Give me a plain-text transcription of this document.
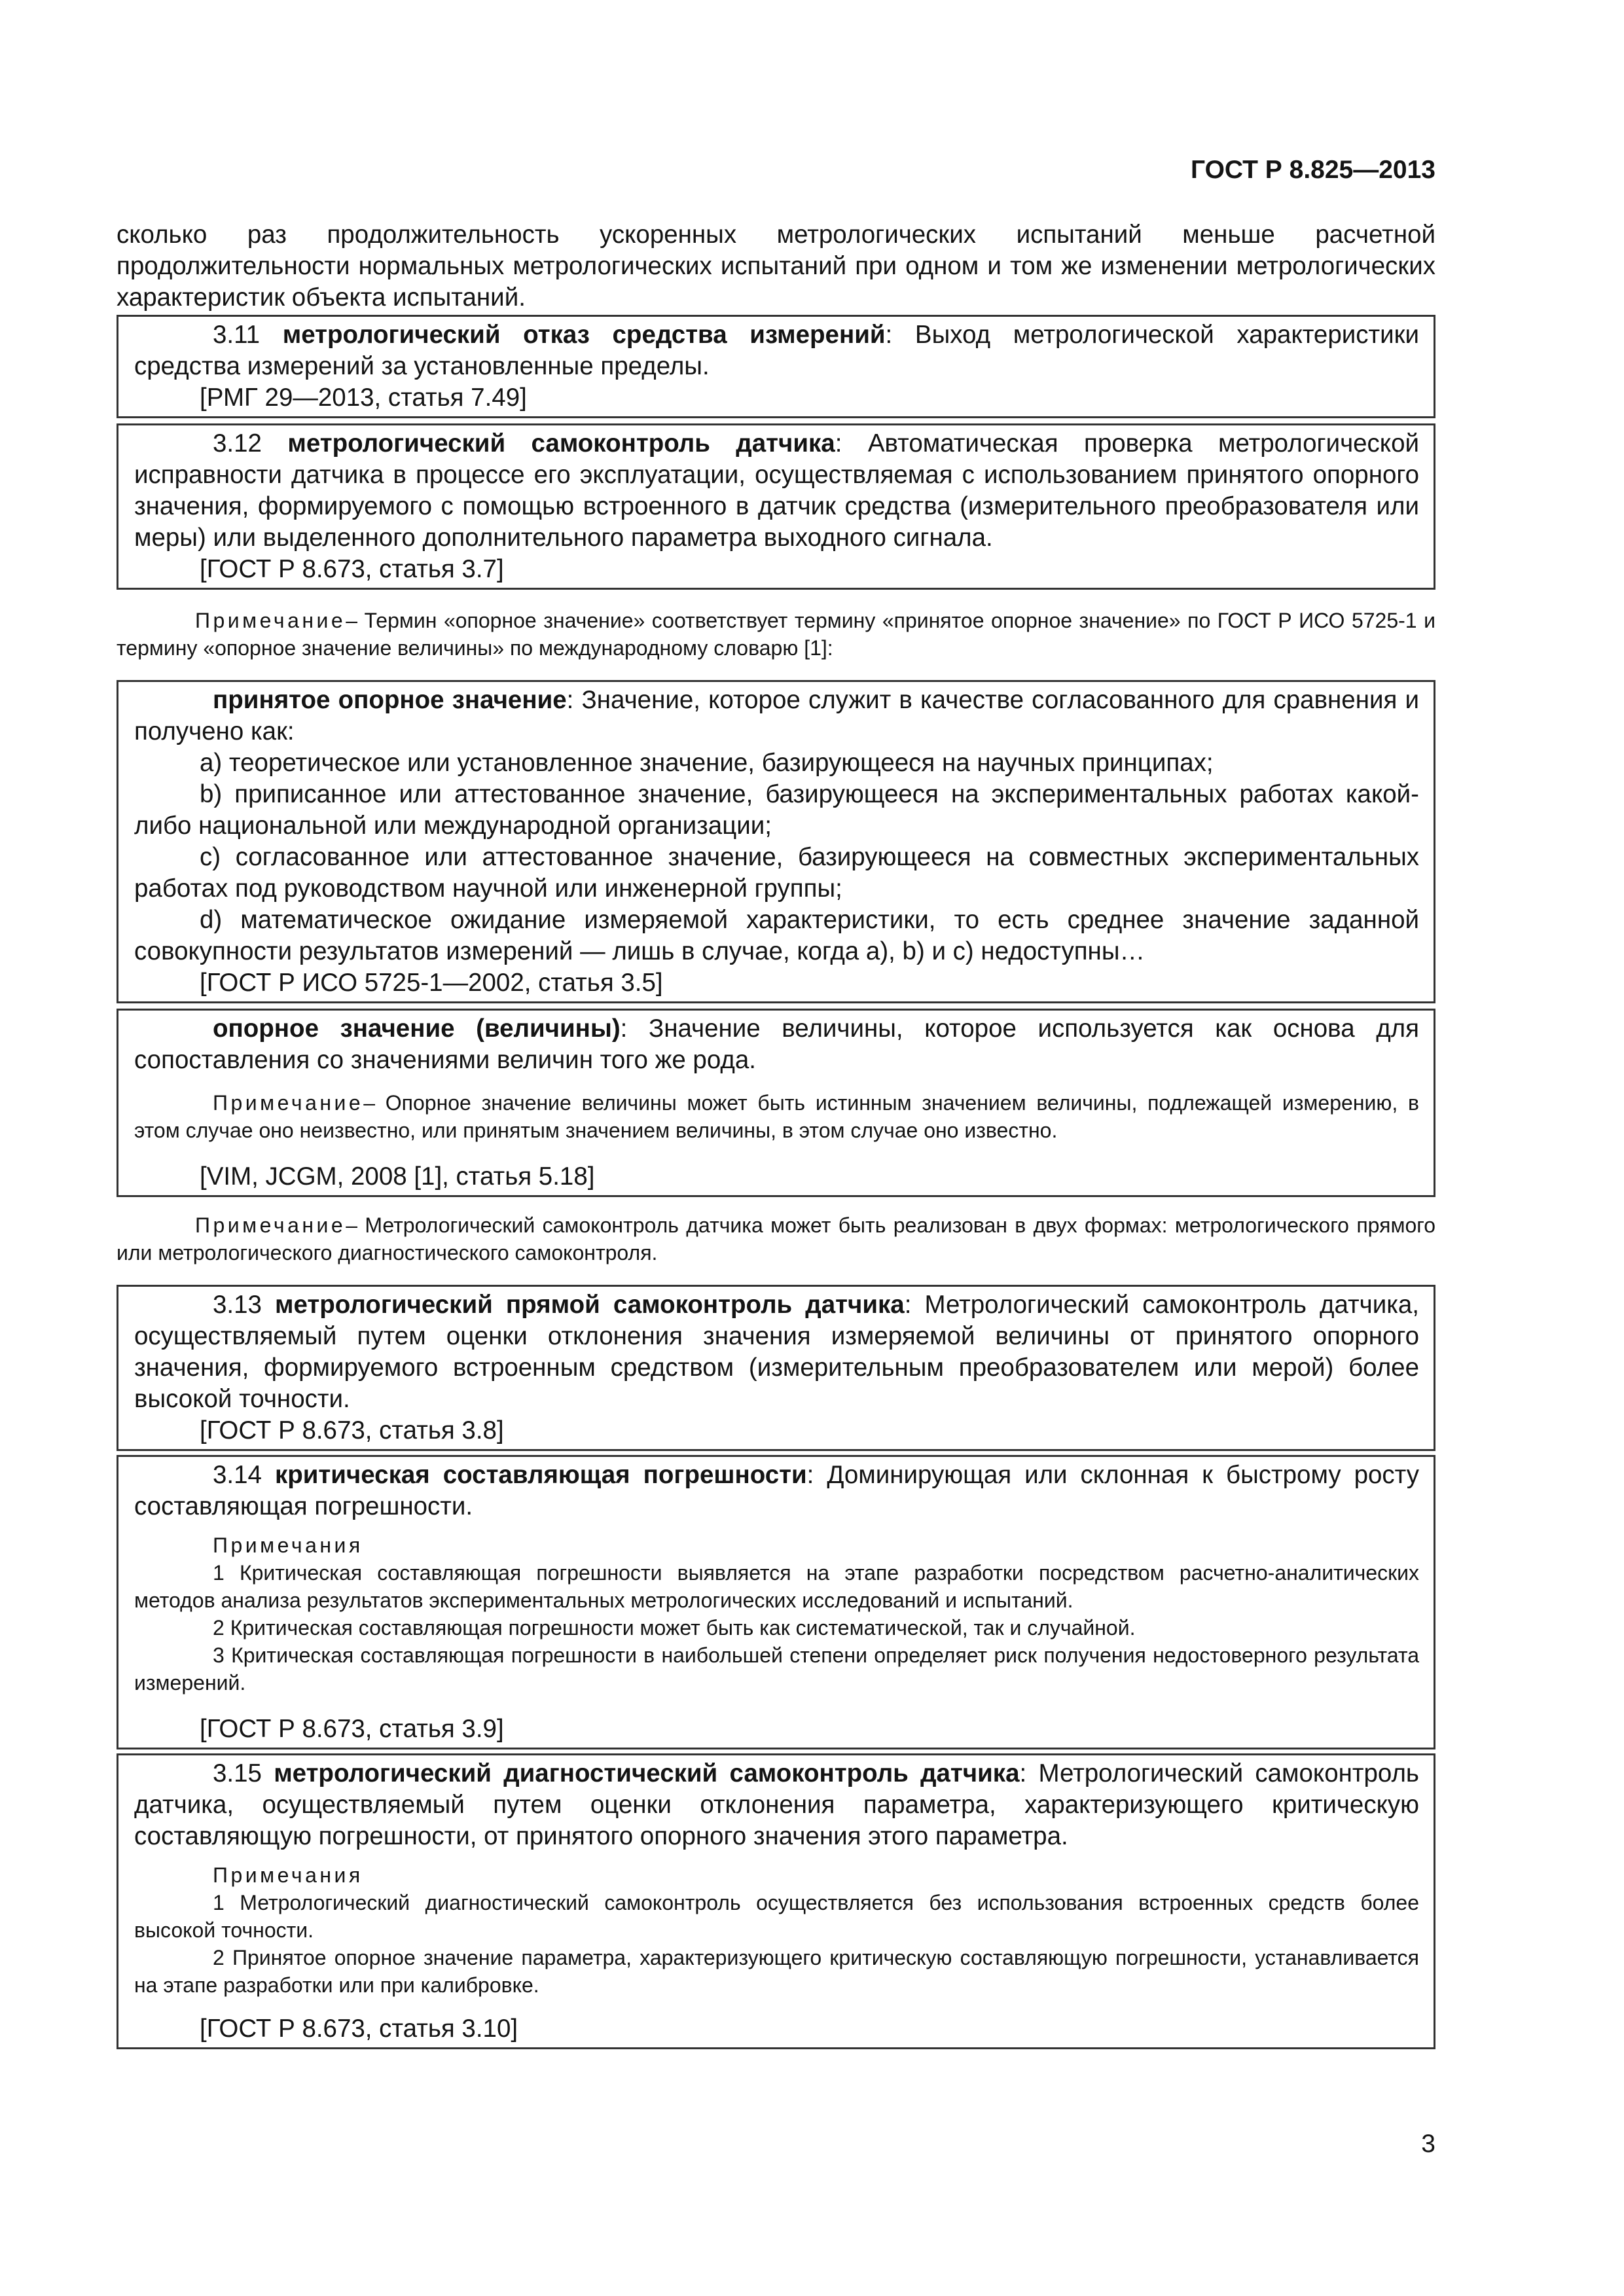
ГОСТ Р 8.825—2013

сколько раз продолжительность ускоренных метрологических испытаний меньше расчетной продолжительности нормальных метрологических испытаний при одном и том же изменении метрологических характеристик объекта испытаний.

3.11 метрологический отказ средства измерений: Выход метрологической характеристики средства измерений за установленные пределы.

[РМГ 29—2013, статья 7.49]

3.12 метрологический самоконтроль датчика: Автоматическая проверка метрологической исправности датчика в процессе его эксплуатации, осуществляемая с использованием принятого опорного значения, формируемого с помощью встроенного в датчик средства (измерительного преобразователя или меры) или выделенного дополнительного параметра выходного сигнала.

[ГОСТ Р 8.673, статья 3.7]

Примечание– Термин «опорное значение» соответствует термину «принятое опорное значение» по ГОСТ Р ИСО 5725-1 и термину «опорное значение величины» по международному словарю [1]:

принятое опорное значение: Значение, которое служит в качестве согласованного для сравнения и получено как:

а) теоретическое или установленное значение, базирующееся на научных принципах;

b) приписанное или аттестованное значение, базирующееся на экспериментальных работах какой-либо национальной или международной организации;

с) согласованное или аттестованное значение, базирующееся на совместных экспериментальных работах под руководством научной или инженерной группы;

d) математическое ожидание измеряемой характеристики, то есть среднее значение заданной совокупности результатов измерений — лишь в случае, когда а), b) и с) недоступны…

[ГОСТ Р ИСО 5725-1—2002, статья 3.5]

опорное значение (величины): Значение величины, которое используется как основа для сопоставления со значениями величин того же рода.

Примечание– Опорное значение величины может быть истинным значением величины, подлежащей измерению, в этом случае оно неизвестно, или принятым значением величины, в этом случае оно известно.

[VIM, JCGM, 2008 [1], статья 5.18]

Примечание– Метрологический самоконтроль датчика может быть реализован в двух формах: метрологического прямого или метрологического диагностического самоконтроля.

3.13 метрологический прямой самоконтроль датчика: Метрологический самоконтроль датчика, осуществляемый путем оценки отклонения значения измеряемой величины от принятого опорного значения, формируемого встроенным средством (измерительным преобразователем или мерой) более высокой точности.

[ГОСТ Р 8.673, статья 3.8]

3.14 критическая составляющая погрешности: Доминирующая или склонная к быстрому росту составляющая погрешности.

Примечания

1 Критическая составляющая погрешности выявляется на этапе разработки посредством расчетно-аналитических методов анализа результатов экспериментальных метрологических исследований и испытаний.

2 Критическая составляющая погрешности может быть как систематической, так и случайной.

3 Критическая составляющая погрешности в наибольшей степени определяет риск получения недостоверного результата измерений.

[ГОСТ Р 8.673, статья 3.9]

3.15 метрологический диагностический самоконтроль датчика: Метрологический самоконтроль датчика, осуществляемый путем оценки отклонения параметра, характеризующего критическую составляющую погрешности, от принятого опорного значения этого параметра.

Примечания

1 Метрологический диагностический самоконтроль осуществляется без использования встроенных средств более высокой точности.

2 Принятое опорное значение параметра, характеризующего критическую составляющую погрешности, устанавливается на этапе разработки или при калибровке.

[ГОСТ Р 8.673, статья 3.10]

3
